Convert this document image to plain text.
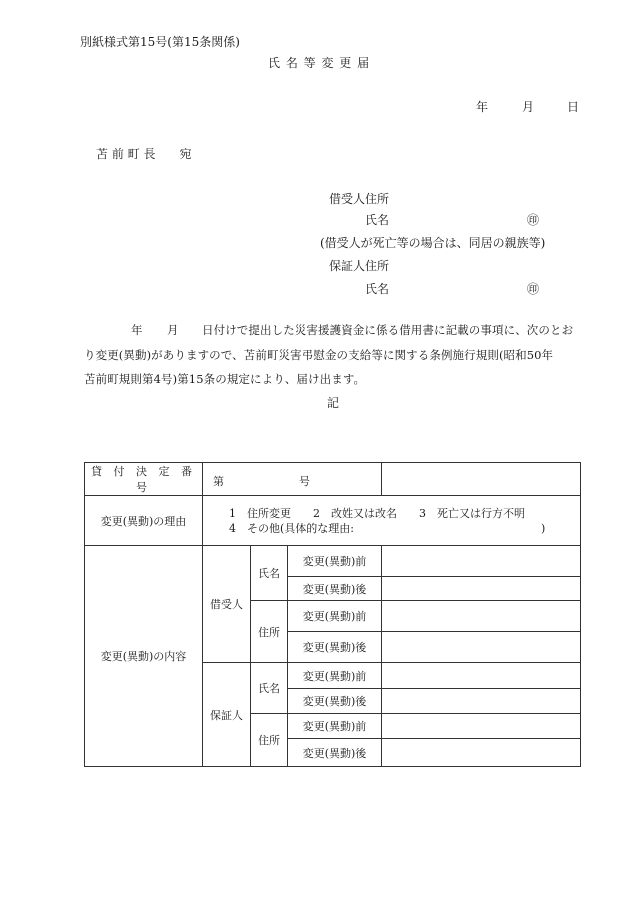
別紙様式第15号(第15条関係)
氏 名 等 変 更 届
年	月	日
苫 前 町 長　　宛
借受人住所
氏名	㊞
(借受人が死亡等の場合は、同居の親族等)
保証人住所
氏名	㊞
年 月 日付けで提出した災害援護資金に係る借用書に記載の事項に、次のとお
り変更(異動)がありますので、苫前町災害弔慰金の支給等に関する条例施行規則(昭和50年
苫前町規則第4号)第15条の規定により、届け出ます。
記
貸 付 決 定 番 号	第 号			

変更(異動)の理由	1　住所変更　　2　改姓又は改名　　3　死亡又は行方不明
4　その他(具体的な理由:　　　　　　　　　　　　　　　　　)			

変更(異動)の内容	借受人	氏名	変更(異動)前	
			変更(異動)後	
		住所	変更(異動)前	
			変更(異動)後	
	保証人	氏名	変更(異動)前	
			変更(異動)後	
		住所	変更(異動)前	
			変更(異動)後	
